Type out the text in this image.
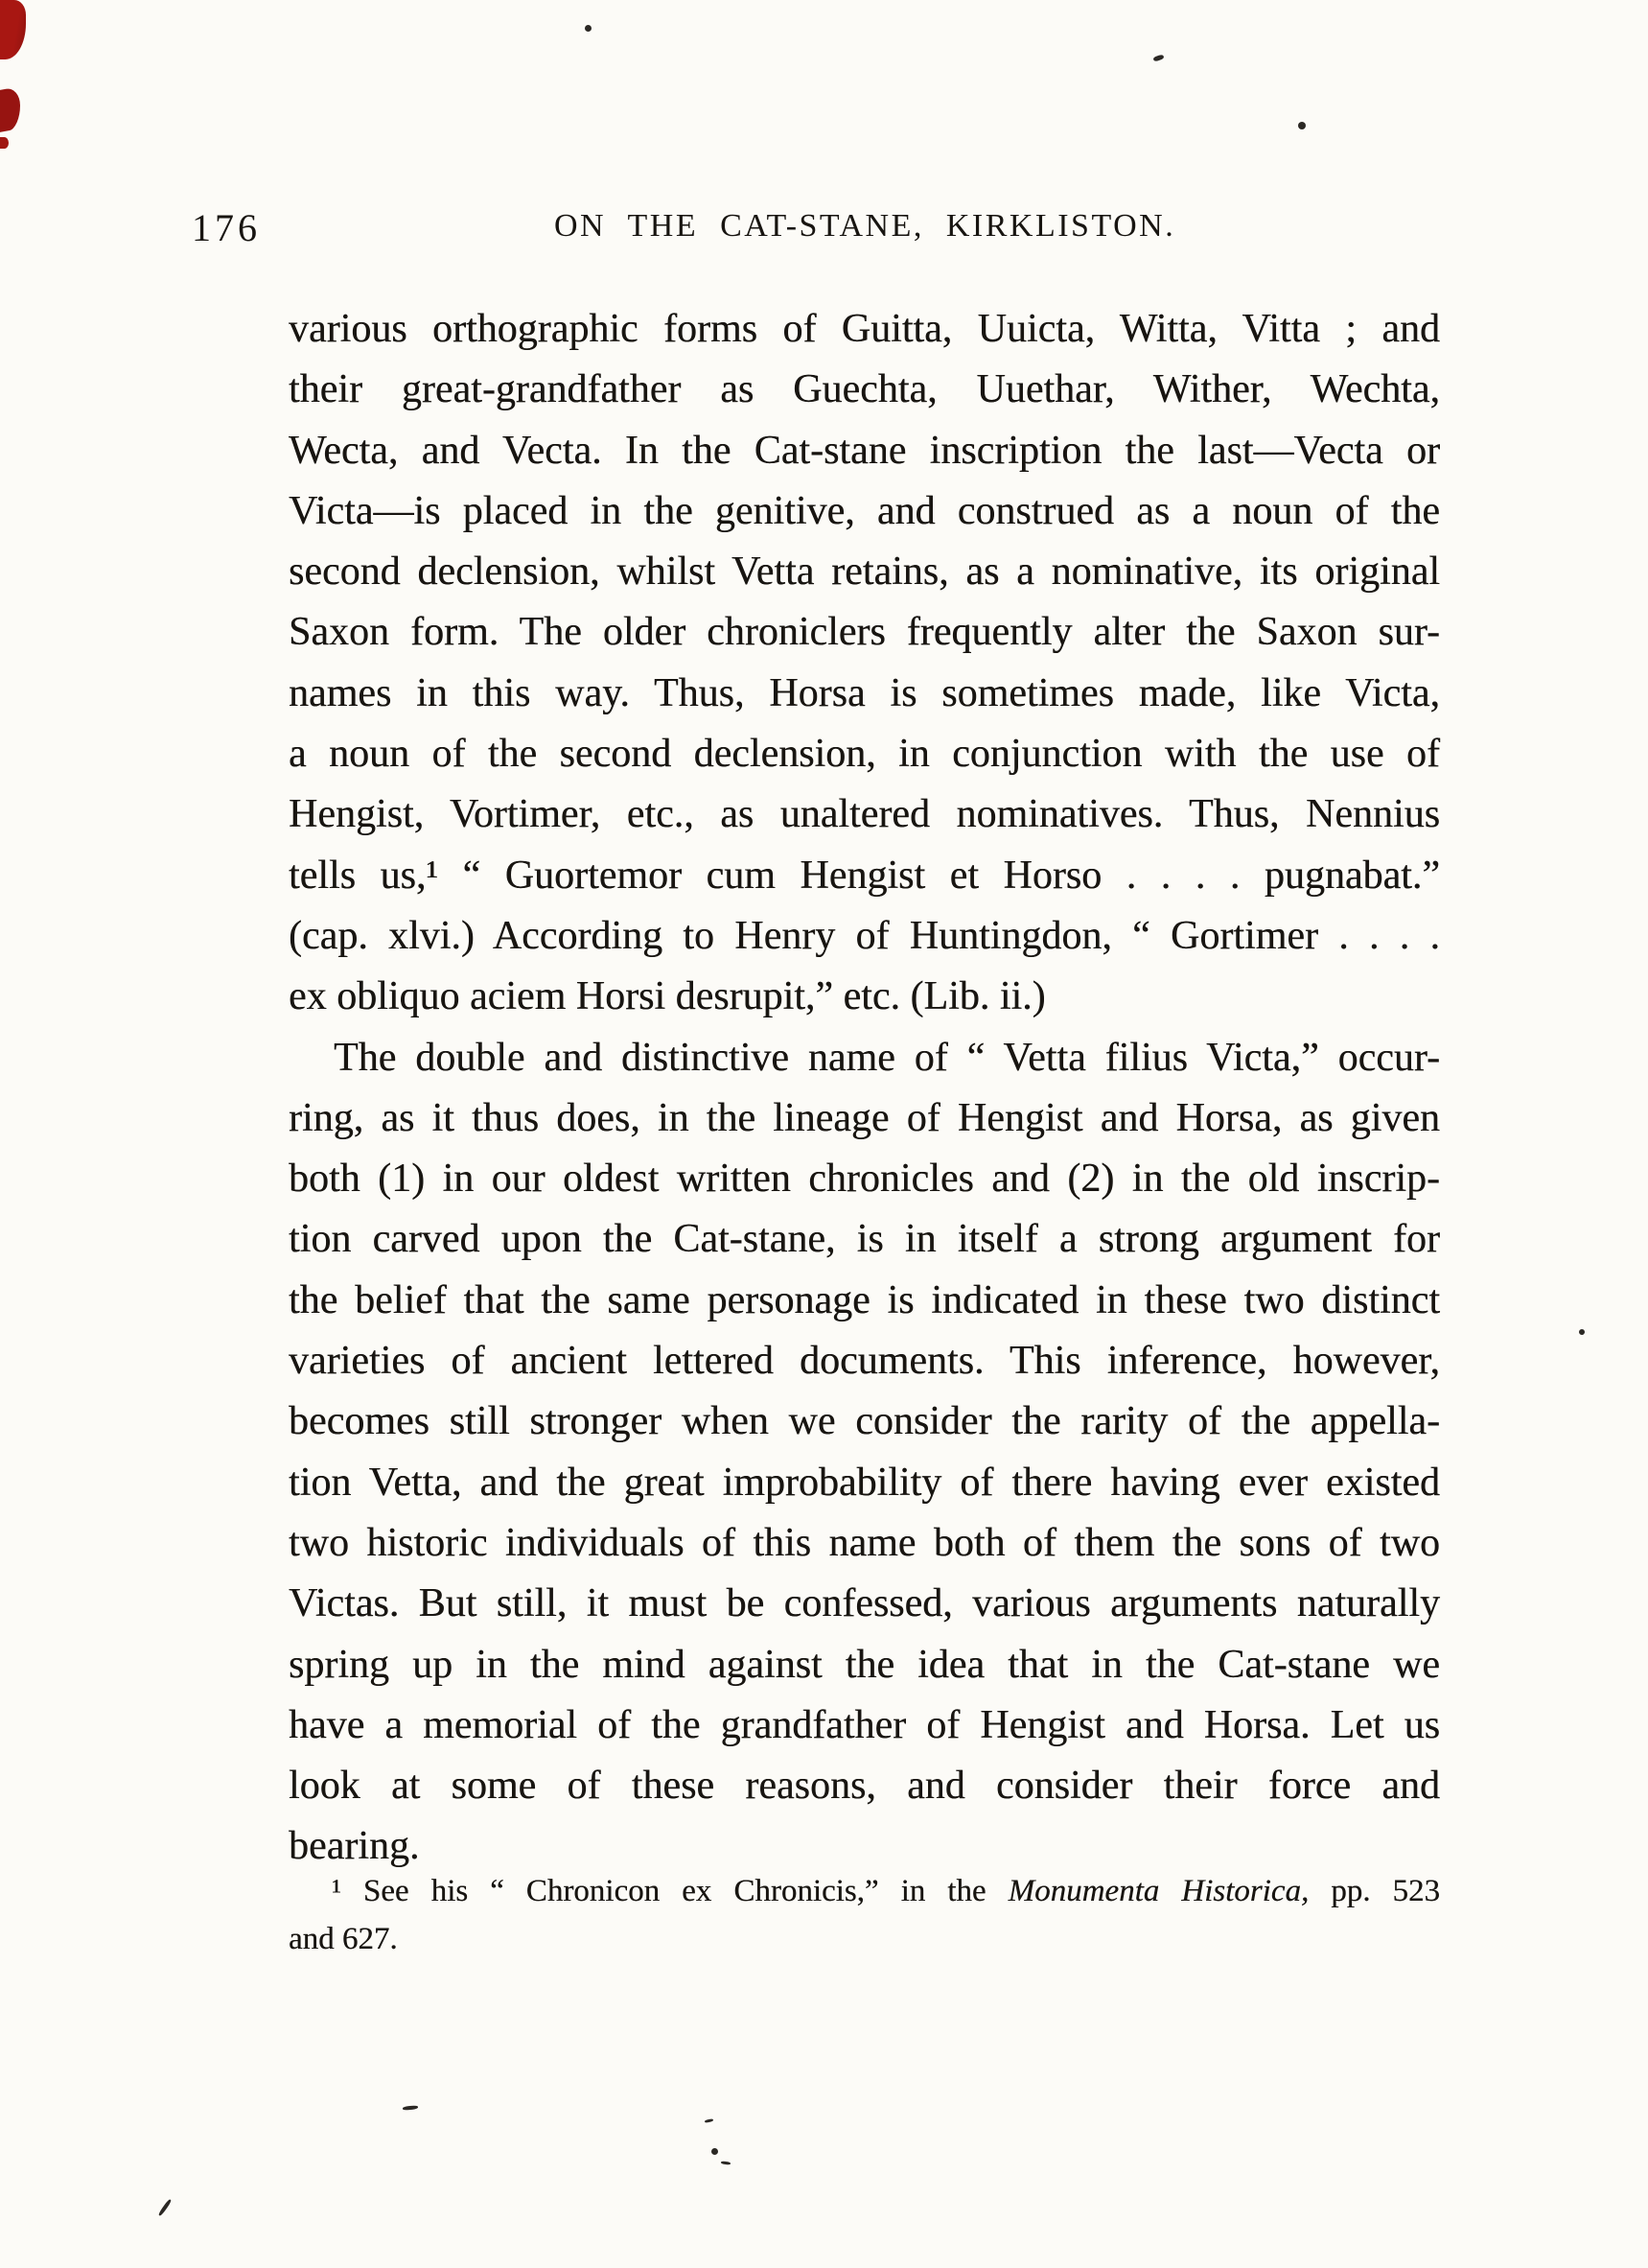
176	ON THE CAT-STANE, KIRKLISTON.
various orthographic forms of Guitta, Uuicta, Witta, Vitta ; and
their great-grandfather as Guechta, Uuethar, Wither, Wechta,
Wecta, and Vecta. In the Cat-stane inscription the last—Vecta or
Victa—is placed in the genitive, and construed as a noun of the
second declension, whilst Vetta retains, as a nominative, its original
Saxon form. The older chroniclers frequently alter the Saxon sur-
names in this way. Thus, Horsa is sometimes made, like Victa,
a noun of the second declension, in conjunction with the use of
Hengist, Vortimer, etc., as unaltered nominatives. Thus, Nennius
tells us,¹ “ Guortemor cum Hengist et Horso . . . . pugnabat.”
(cap. xlvi.) According to Henry of Huntingdon, “ Gortimer . . . .
ex obliquo aciem Horsi desrupit,” etc. (Lib. ii.)
The double and distinctive name of “ Vetta filius Victa,” occur-
ring, as it thus does, in the lineage of Hengist and Horsa, as given
both (1) in our oldest written chronicles and (2) in the old inscrip-
tion carved upon the Cat-stane, is in itself a strong argument for
the belief that the same personage is indicated in these two distinct
varieties of ancient lettered documents. This inference, however,
becomes still stronger when we consider the rarity of the appella-
tion Vetta, and the great improbability of there having ever existed
two historic individuals of this name both of them the sons of two
Victas. But still, it must be confessed, various arguments naturally
spring up in the mind against the idea that in the Cat-stane we
have a memorial of the grandfather of Hengist and Horsa. Let us
look at some of these reasons, and consider their force and
bearing.
¹ See his “ Chronicon ex Chronicis,” in the Monumenta Historica, pp. 523
and 627.
